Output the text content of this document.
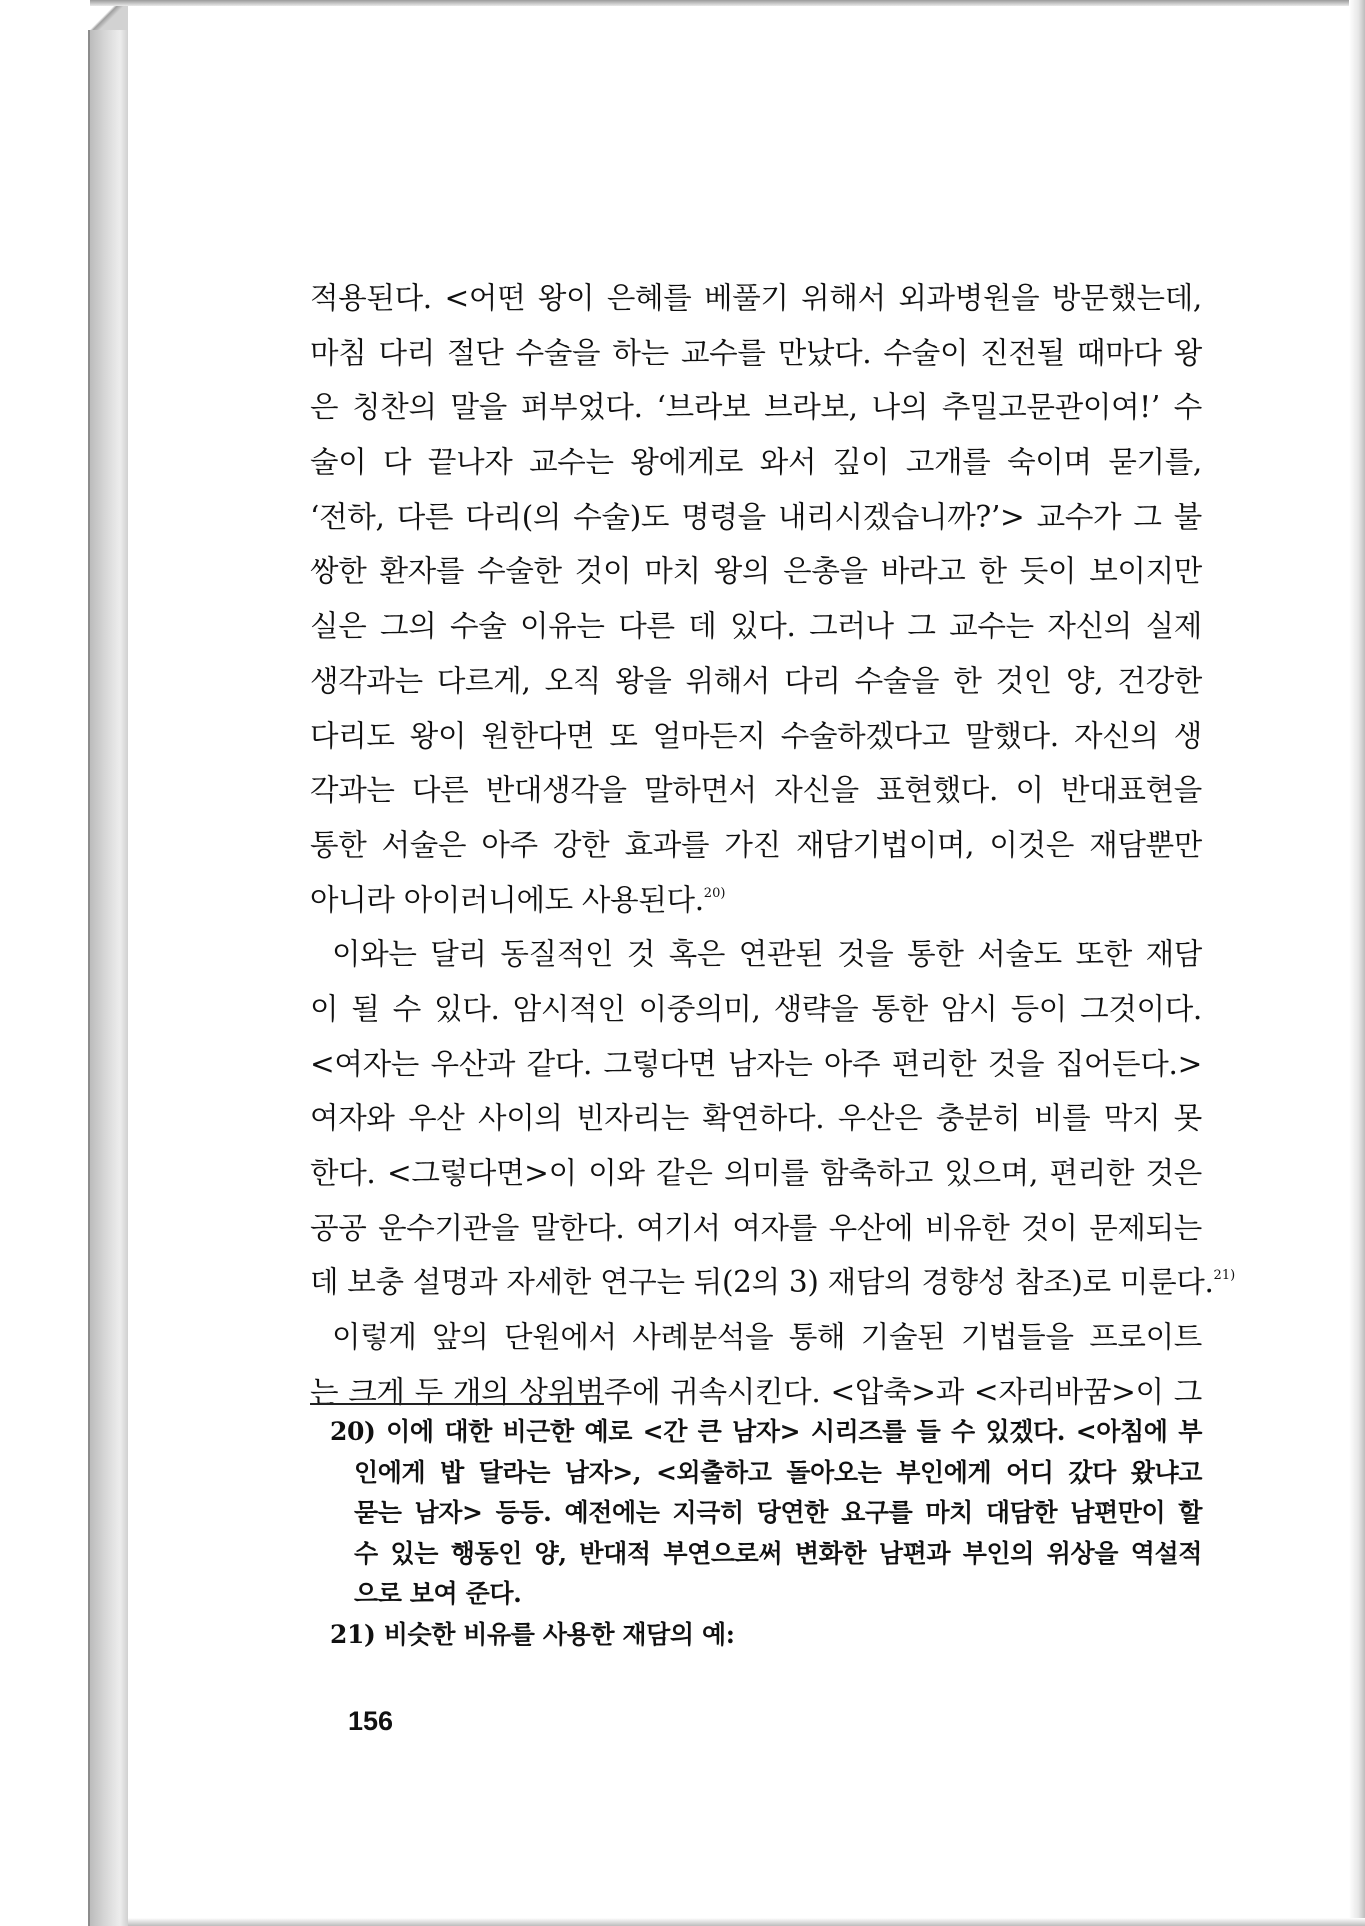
적용된다. <어떤 왕이 은혜를 베풀기 위해서 외과병원을 방문했는데,
마침 다리 절단 수술을 하는 교수를 만났다. 수술이 진전될 때마다 왕
은 칭찬의 말을 퍼부었다. ‘브라보 브라보, 나의 추밀고문관이여!’ 수
술이 다 끝나자 교수는 왕에게로 와서 깊이 고개를 숙이며 묻기를,
‘전하, 다른 다리(의 수술)도 명령을 내리시겠습니까?’> 교수가 그 불
쌍한 환자를 수술한 것이 마치 왕의 은총을 바라고 한 듯이 보이지만
실은 그의 수술 이유는 다른 데 있다. 그러나 그 교수는 자신의 실제
생각과는 다르게, 오직 왕을 위해서 다리 수술을 한 것인 양, 건강한
다리도 왕이 원한다면 또 얼마든지 수술하겠다고 말했다. 자신의 생
각과는 다른 반대생각을 말하면서 자신을 표현했다. 이 반대표현을
통한 서술은 아주 강한 효과를 가진 재담기법이며, 이것은 재담뿐만
아니라 아이러니에도 사용된다.$^{20)}$
이와는 달리 동질적인 것 혹은 연관된 것을 통한 서술도 또한 재담
이 될 수 있다. 암시적인 이중의미, 생략을 통한 암시 등이 그것이다.
<여자는 우산과 같다. 그렇다면 남자는 아주 편리한 것을 집어든다.>
여자와 우산 사이의 빈자리는 확연하다. 우산은 충분히 비를 막지 못
한다. <그렇다면>이 이와 같은 의미를 함축하고 있으며, 편리한 것은
공공 운수기관을 말한다. 여기서 여자를 우산에 비유한 것이 문제되는
데 보충 설명과 자세한 연구는 뒤(2의 3) 재담의 경향성 참조)로 미룬다.$^{21)}$
이렇게 앞의 단원에서 사례분석을 통해 기술된 기법들을 프로이트
는 크게 두 개의 상위범주에 귀속시킨다. <압축>과 <자리바꿈>이 그
20) 이에 대한 비근한 예로 <간 큰 남자> 시리즈를 들 수 있겠다. <아침에 부
인에게 밥 달라는 남자>, <외출하고 돌아오는 부인에게 어디 갔다 왔냐고
묻는 남자> 등등. 예전에는 지극히 당연한 요구를 마치 대담한 남편만이 할
수 있는 행동인 양, 반대적 부연으로써 변화한 남편과 부인의 위상을 역설적
으로 보여 준다.
21) 비슷한 비유를 사용한 재담의 예:
156
